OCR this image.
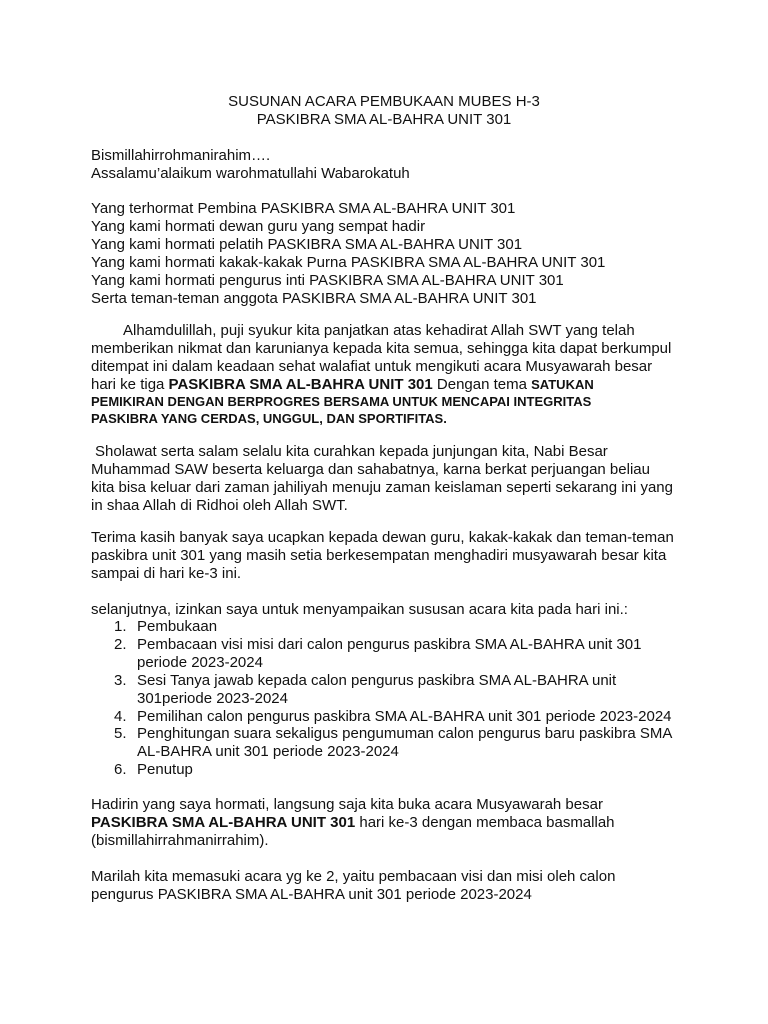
SUSUNAN ACARA PEMBUKAAN MUBES H-3
PASKIBRA SMA AL-BAHRA UNIT 301
Bismillahirrohmanirahim….
Assalamu’alaikum warohmatullahi Wabarokatuh
Yang terhormat Pembina PASKIBRA SMA AL-BAHRA UNIT 301
Yang kami hormati dewan guru yang sempat hadir
Yang kami hormati pelatih PASKIBRA SMA AL-BAHRA UNIT 301
Yang kami hormati kakak-kakak Purna PASKIBRA SMA AL-BAHRA UNIT 301
Yang kami hormati pengurus inti PASKIBRA SMA AL-BAHRA UNIT 301
Serta teman-teman anggota PASKIBRA SMA AL-BAHRA UNIT 301
Alhamdulillah, puji syukur kita panjatkan atas kehadirat Allah SWT yang telah
memberikan nikmat dan karunianya kepada kita semua, sehingga kita dapat berkumpul
ditempat ini dalam keadaan sehat walafiat untuk mengikuti acara Musyawarah besar
hari ke tiga PASKIBRA SMA AL-BAHRA UNIT 301 Dengan tema SATUKAN
PEMIKIRAN DENGAN BERPROGRES BERSAMA UNTUK MENCAPAI INTEGRITAS
PASKIBRA YANG CERDAS, UNGGUL, DAN SPORTIFITAS.
Sholawat serta salam selalu kita curahkan kepada junjungan kita, Nabi Besar
Muhammad SAW beserta keluarga dan sahabatnya, karna berkat perjuangan beliau
kita bisa keluar dari zaman jahiliyah menuju zaman keislaman seperti sekarang ini yang
in shaa Allah di Ridhoi oleh Allah SWT.
Terima kasih banyak saya ucapkan kepada dewan guru, kakak-kakak dan teman-teman
paskibra unit 301 yang masih setia berkesempatan menghadiri musyawarah besar kita
sampai di hari ke-3 ini.
selanjutnya, izinkan saya untuk menyampaikan sususan acara kita pada hari ini.:
1. Pembukaan
2. Pembacaan visi misi dari calon pengurus paskibra SMA AL-BAHRA unit 301
periode 2023-2024
3. Sesi Tanya jawab kepada calon pengurus paskibra SMA AL-BAHRA unit
301periode 2023-2024
4. Pemilihan calon pengurus paskibra SMA AL-BAHRA unit 301 periode 2023-2024
5. Penghitungan suara sekaligus pengumuman calon pengurus baru paskibra SMA
AL-BAHRA unit 301 periode 2023-2024
6. Penutup
Hadirin yang saya hormati, langsung saja kita buka acara Musyawarah besar
PASKIBRA SMA AL-BAHRA UNIT 301 hari ke-3 dengan membaca basmallah
(bismillahirrahmanirrahim).
Marilah kita memasuki acara yg ke 2, yaitu pembacaan visi dan misi oleh calon
pengurus PASKIBRA SMA AL-BAHRA unit 301 periode 2023-2024
